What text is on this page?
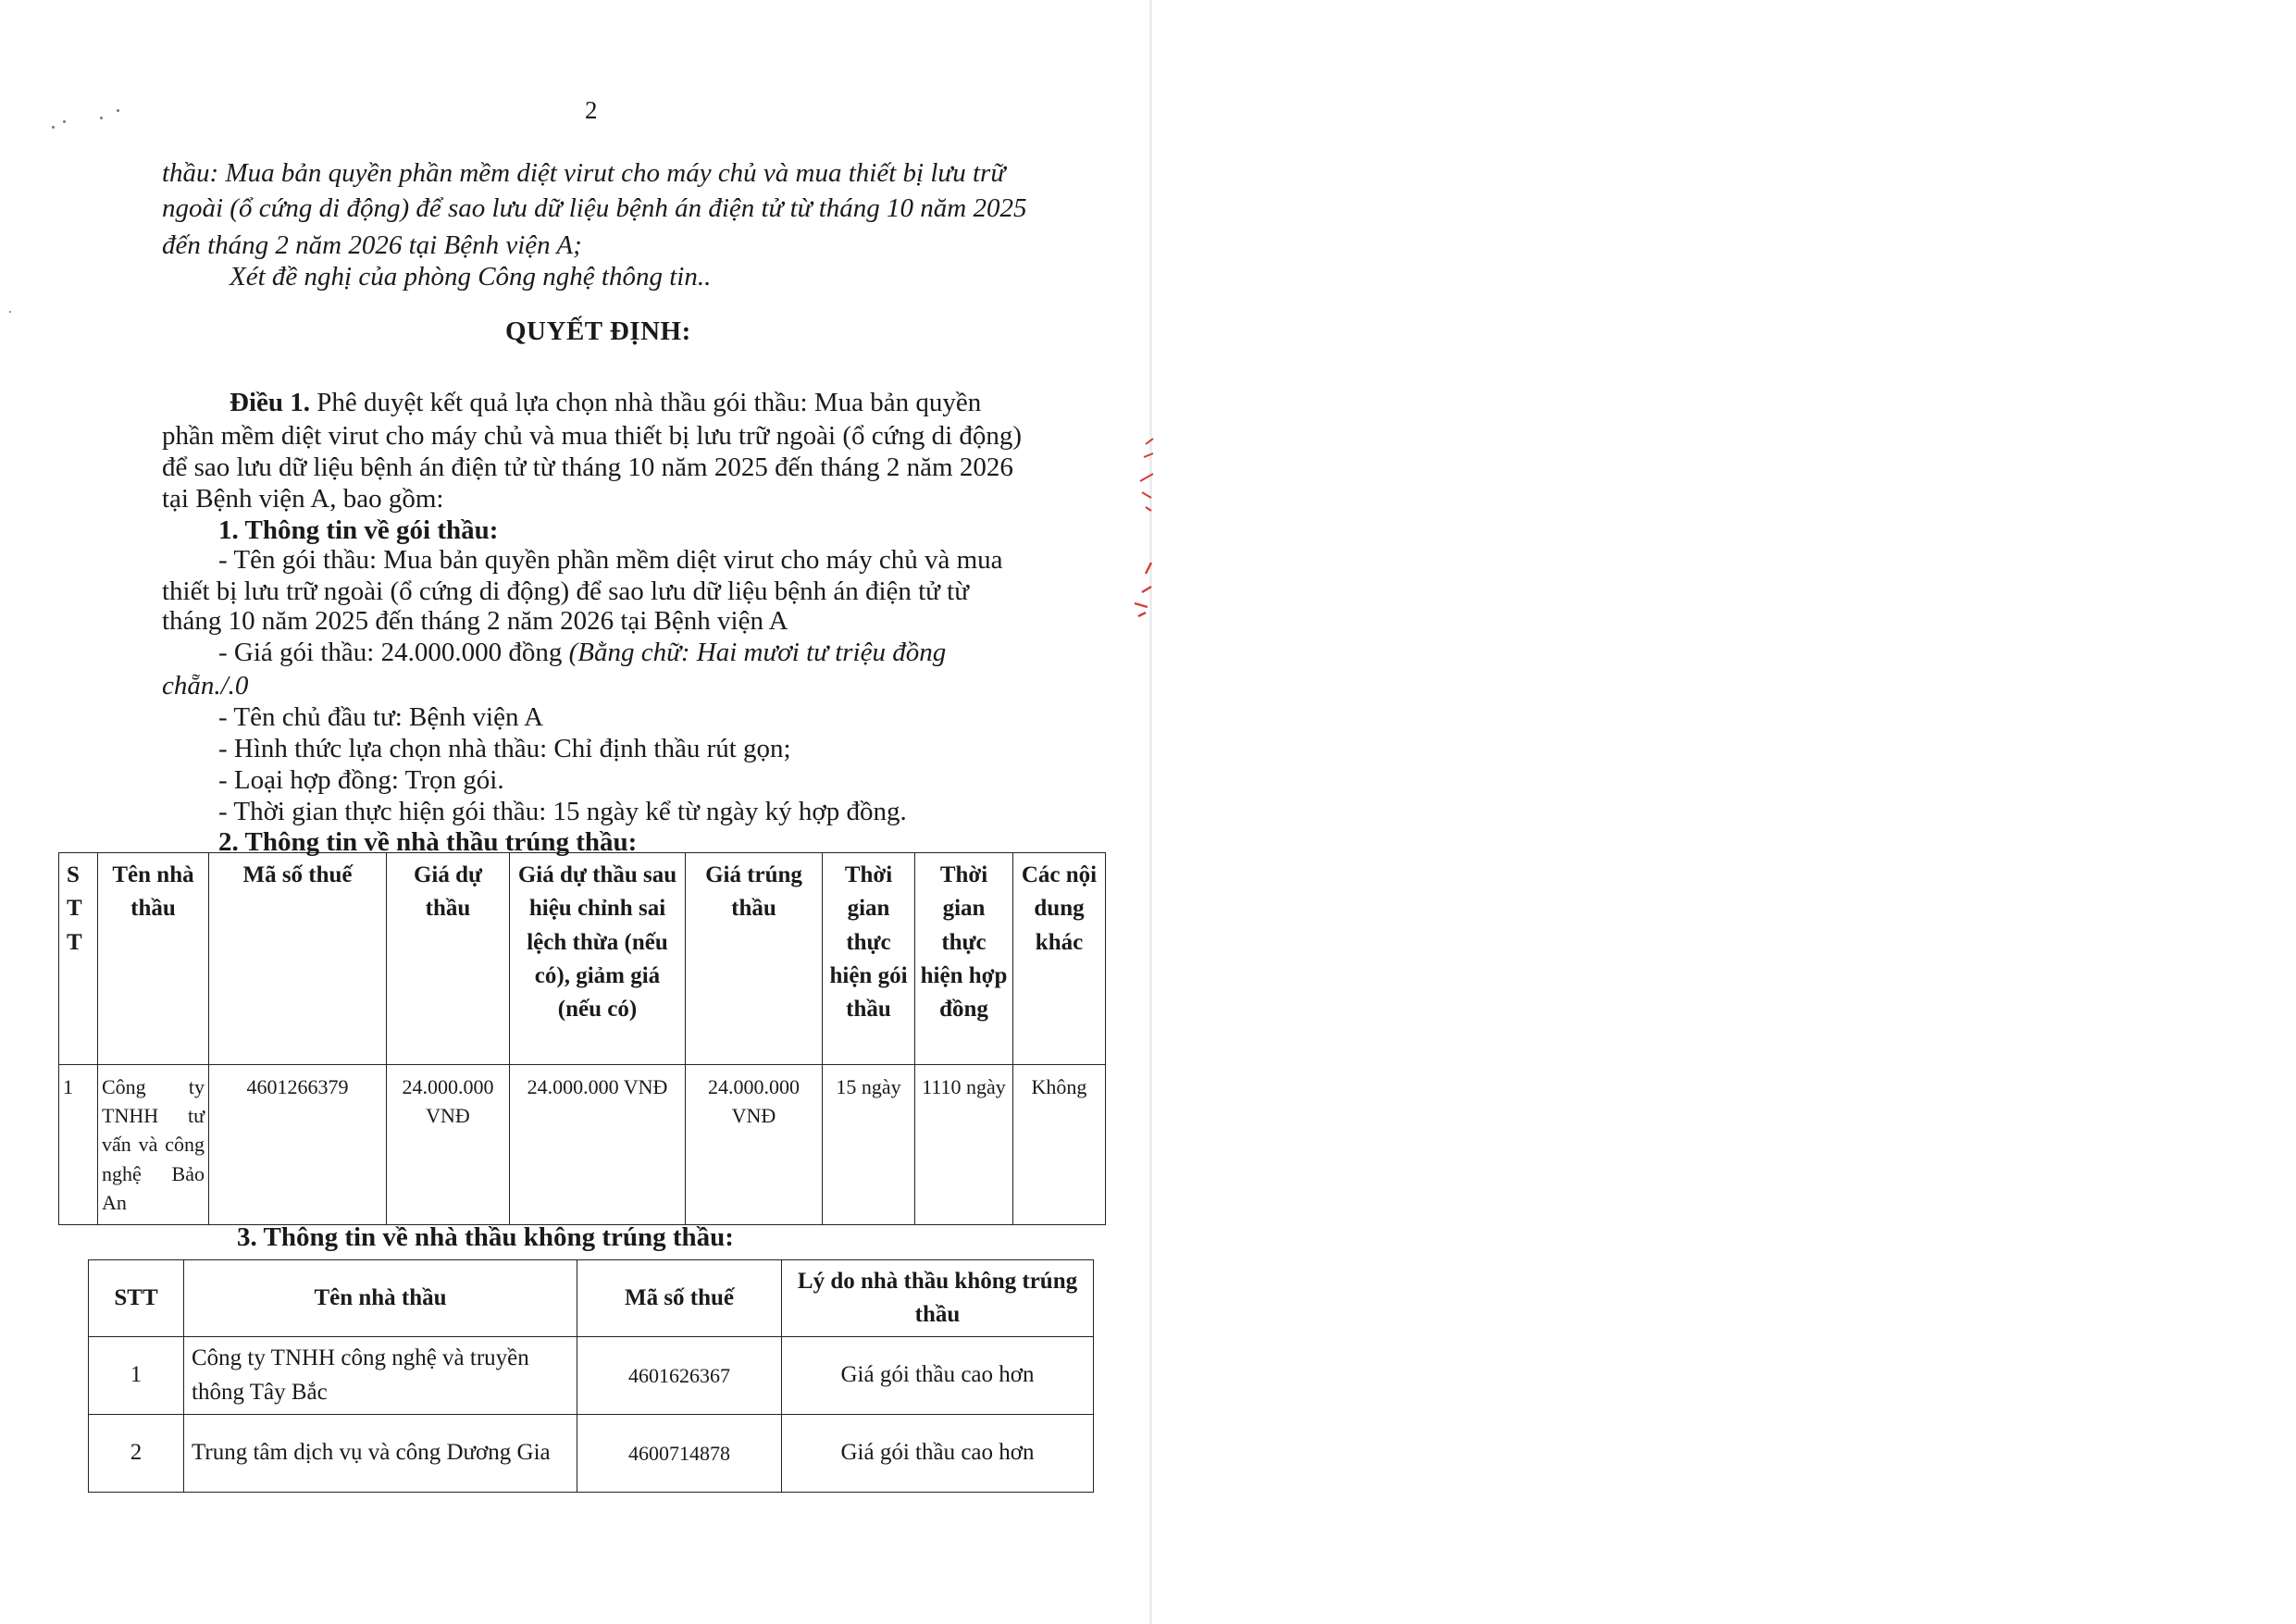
2
thầu: Mua bản quyền phần mềm diệt virut cho máy chủ và mua thiết bị lưu trữ
ngoài (ổ cứng di động) để sao lưu dữ liệu bệnh án điện tử từ tháng 10 năm 2025
đến tháng 2 năm 2026 tại Bệnh viện A;
Xét đề nghị của phòng Công nghệ thông tin..
QUYẾT ĐỊNH:
Điều 1. Phê duyệt kết quả lựa chọn nhà thầu gói thầu: Mua bản quyền
phần mềm diệt virut cho máy chủ và mua thiết bị lưu trữ ngoài (ổ cứng di động)
để sao lưu dữ liệu bệnh án điện tử từ tháng 10 năm 2025 đến tháng 2 năm 2026
tại Bệnh viện A, bao gồm:
1. Thông tin về gói thầu:
- Tên gói thầu: Mua bản quyền phần mềm diệt virut cho máy chủ và mua
thiết bị lưu trữ ngoài (ổ cứng di động) để sao lưu dữ liệu bệnh án điện tử từ
tháng 10 năm 2025 đến tháng 2 năm 2026 tại Bệnh viện A
- Giá gói thầu: 24.000.000 đồng (Bằng chữ: Hai mươi tư triệu đồng
chẵn./.0
- Tên chủ đầu tư: Bệnh viện A
- Hình thức lựa chọn nhà thầu: Chỉ định thầu rút gọn;
- Loại hợp đồng: Trọn gói.
- Thời gian thực hiện gói thầu: 15 ngày kể từ ngày ký hợp đồng.
2. Thông tin về nhà thầu trúng thầu:
S T T	Tên nhà thầu	Mã số thuế	Giá dự thầu	Giá dự thầu sau hiệu chỉnh sai lệch thừa (nếu có), giảm giá (nếu có)	Giá trúng thầu	Thời gian thực hiện gói thầu	Thời gian thực hiện hợp đồng	Các nội dung khác
1	Công ty TNHH tư vấn và công nghệ Bảo An	4601266379	24.000.000 VNĐ	24.000.000 VNĐ	24.000.000 VNĐ	15 ngày	1110 ngày	Không
3. Thông tin về nhà thầu không trúng thầu:
STT	Tên nhà thầu	Mã số thuế	Lý do nhà thầu không trúng thầu
1	Công ty TNHH công nghệ và truyền thông Tây Bắc	4601626367	Giá gói thầu cao hơn
2	Trung tâm dịch vụ và công Dương Gia	4600714878	Giá gói thầu cao hơn
